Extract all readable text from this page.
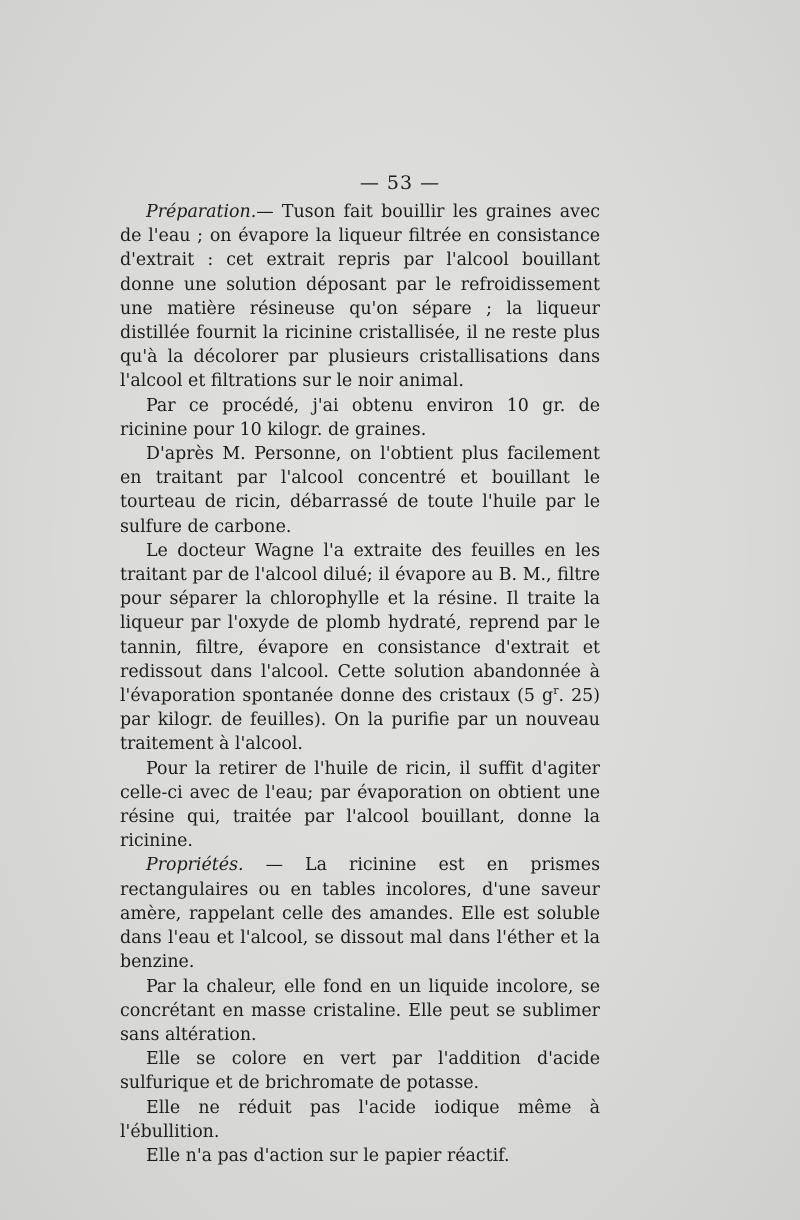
— 53 —

Préparation.— Tuson fait bouillir les graines avec de l'eau ; on évapore la liqueur filtrée en consistance d'extrait : cet extrait repris par l'alcool bouillant donne une solution déposant par le refroidissement une matière résineuse qu'on sépare ; la liqueur distillée fournit la ricinine cristallisée, il ne reste plus qu'à la décolorer par plusieurs cristallisations dans l'alcool et filtrations sur le noir animal.

Par ce procédé, j'ai obtenu environ 10 gr. de ricinine pour 10 kilogr. de graines.

D'après M. Personne, on l'obtient plus facilement en traitant par l'alcool concentré et bouillant le tourteau de ricin, débarrassé de toute l'huile par le sulfure de carbone.

Le docteur Wagne l'a extraite des feuilles en les traitant par de l'alcool dilué; il évapore au B. M., filtre pour séparer la chlorophylle et la résine. Il traite la liqueur par l'oxyde de plomb hydraté, reprend par le tannin, filtre, évapore en consistance d'extrait et redissout dans l'alcool. Cette solution abandonnée à l'évaporation spontanée donne des cristaux (5 $g^r$. 25) par kilogr. de feuilles). On la purifie par un nouveau traitement à l'alcool.

Pour la retirer de l'huile de ricin, il suffit d'agiter celle-ci avec de l'eau; par évaporation on obtient une résine qui, traitée par l'alcool bouillant, donne la ricinine.

Propriétés. — La ricinine est en prismes rectangulaires ou en tables incolores, d'une saveur amère, rappelant celle des amandes. Elle est soluble dans l'eau et l'alcool, se dissout mal dans l'éther et la benzine.

Par la chaleur, elle fond en un liquide incolore, se concrétant en masse cristaline. Elle peut se sublimer sans altération.

Elle se colore en vert par l'addition d'acide sulfurique et de brichromate de potasse.

Elle ne réduit pas l'acide iodique même à l'ébullition.

Elle n'a pas d'action sur le papier réactif.
